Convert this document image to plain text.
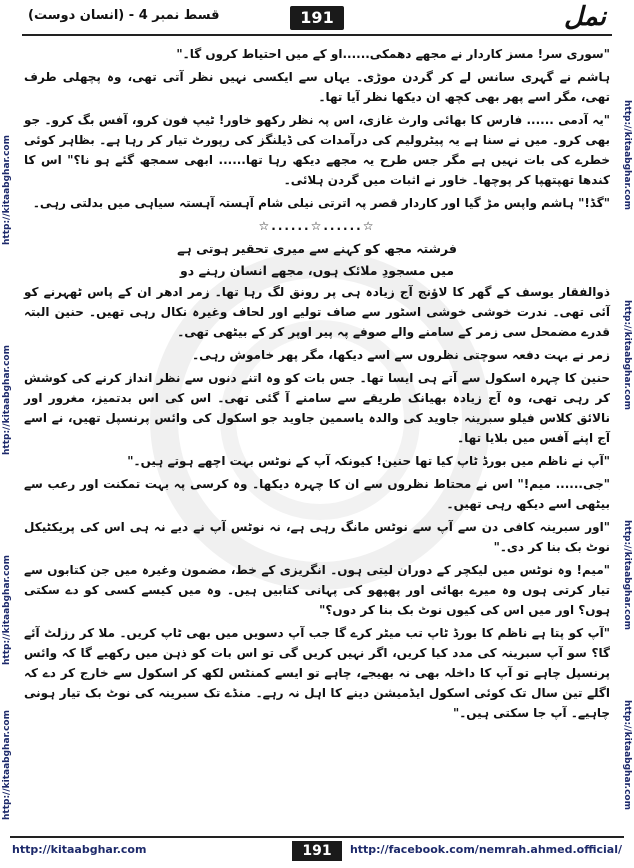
قسط نمبر 4 - (انسان دوست)	191	نمل
http://kitaabghar.com
http://kitaabghar.com
http://kitaabghar.com
http://kitaabghar.com
http://kitaabghar.com
http://kitaabghar.com
http://kitaabghar.com
http://kitaabghar.com

"سوری سر! مسز کاردار نے مجھے دھمکی......او کے میں احتیاط کروں گا۔"

ہاشم نے گہری سانس لے کر گردن موڑی۔ یہاں سے ایکسی نہیں نظر آتی تھی، وہ پچھلی طرف تھی، مگر اسے پھر بھی کچھ ان دیکھا نظر آیا تھا۔

"یہ آدمی ...... فارس کا بھائی وارث غازی، اس پہ نظر رکھو خاور! ٹیپ فون کرو، آفس بگ کرو۔ جو بھی کرو۔ میں نے سنا ہے یہ پیٹرولیم کی درآمدات کی ڈیلنگز کی رپورٹ تیار کر رہا ہے۔ بظاہر کوئی خطرے کی بات نہیں ہے مگر جس طرح یہ مجھے دیکھ رہا تھا...... ابھی سمجھ گئے ہو نا؟" اس کا کندھا تھپتھپا کر پوچھا۔ خاور نے اثبات میں گردن ہلائی۔

"گڈ!" ہاشم واپس مڑ گیا اور کاردار قصر پہ اترتی نیلی شام آہستہ آہستہ سیاہی میں بدلتی رہی۔

☆......☆......☆

فرشتہ مجھ کو کہنے سے میری تحقیر ہوتی ہے

میں مسجودِ ملائک ہوں، مجھے انسان رہنے دو

ذوالفقار یوسف کے گھر کا لاؤنج آج زیادہ ہی پر رونق لگ رہا تھا۔ زمر ادھر ان کے پاس ٹھہرنے کو آئی تھی۔ ندرت خوشی خوشی اسٹور سے صاف تولیے اور لحاف وغیرہ نکال رہی تھیں۔ حنین البتہ قدرے مضمحل سی زمر کے سامنے والے صوفے پہ پیر اوپر کر کے بیٹھی تھی۔

زمر نے بہت دفعہ سوچتی نظروں سے اسے دیکھا، مگر پھر خاموش رہی۔

حنین کا چہرہ اسکول سے آتے ہی ایسا تھا۔ جس بات کو وہ اتنے دنوں سے نظر انداز کرنے کی کوشش کر رہی تھی، وہ آج زیادہ بھیانک طریقے سے سامنے آ گئی تھی۔ اس کی اس بدتمیز، مغرور اور نالائق کلاس فیلو سبرینہ جاوید کی والدہ یاسمین جاوید جو اسکول کی وائس پرنسپل تھیں، نے اسے آج اپنے آفس میں بلایا تھا۔

"آپ نے ناظم میں بورڈ ٹاپ کیا تھا حنین! کیونکہ آپ کے نوٹس بہت اچھے ہوتے ہیں۔"

"جی...... میم!" اس نے محتاط نظروں سے ان کا چہرہ دیکھا۔ وہ کرسی پہ بہت تمکنت اور رعب سے بیٹھی اسے دیکھ رہی تھیں۔

"اور سبرینہ کافی دن سے آپ سے نوٹس مانگ رہی ہے، نہ نوٹس آپ نے دیے نہ ہی اس کی پریکٹیکل نوٹ بک بنا کر دی۔"

"میم! وہ نوٹس میں لیکچر کے دوران لیتی ہوں۔ انگریزی کے خط، مضمون وغیرہ میں جن کتابوں سے تیار کرتی ہوں وہ میرے بھائی اور پھپھو کی پہانی کتابیں ہیں۔ وہ میں کیسے کسی کو دے سکتی ہوں؟ اور میں اس کی کیوں نوٹ بک بنا کر دوں؟"

"آپ کو پتا ہے ناظم کا بورڈ ٹاپ تب میٹر کرے گا جب آپ دسویں میں بھی ٹاپ کریں۔ ملا کر رزلٹ آئے گا؟ سو آپ سبرینہ کی مدد کیا کریں، اگر نہیں کریں گی تو اس بات کو ذہن میں رکھیے گا کہ وائس پرنسپل چاہے تو آپ کا داخلہ بھی نہ بھیجے، چاہے تو ایسے کمنٹس لکھ کر اسکول سے خارج کر دے کہ اگلے تین سال تک کوئی اسکول ایڈمیشن دینے کا اہل نہ رہے۔ منڈے تک سبرینہ کی نوٹ بک تیار ہونی چاہیے۔ آپ جا سکتی ہیں۔"

http://kitaabghar.com	191	http://facebook.com/nemrah.ahmed.official/
